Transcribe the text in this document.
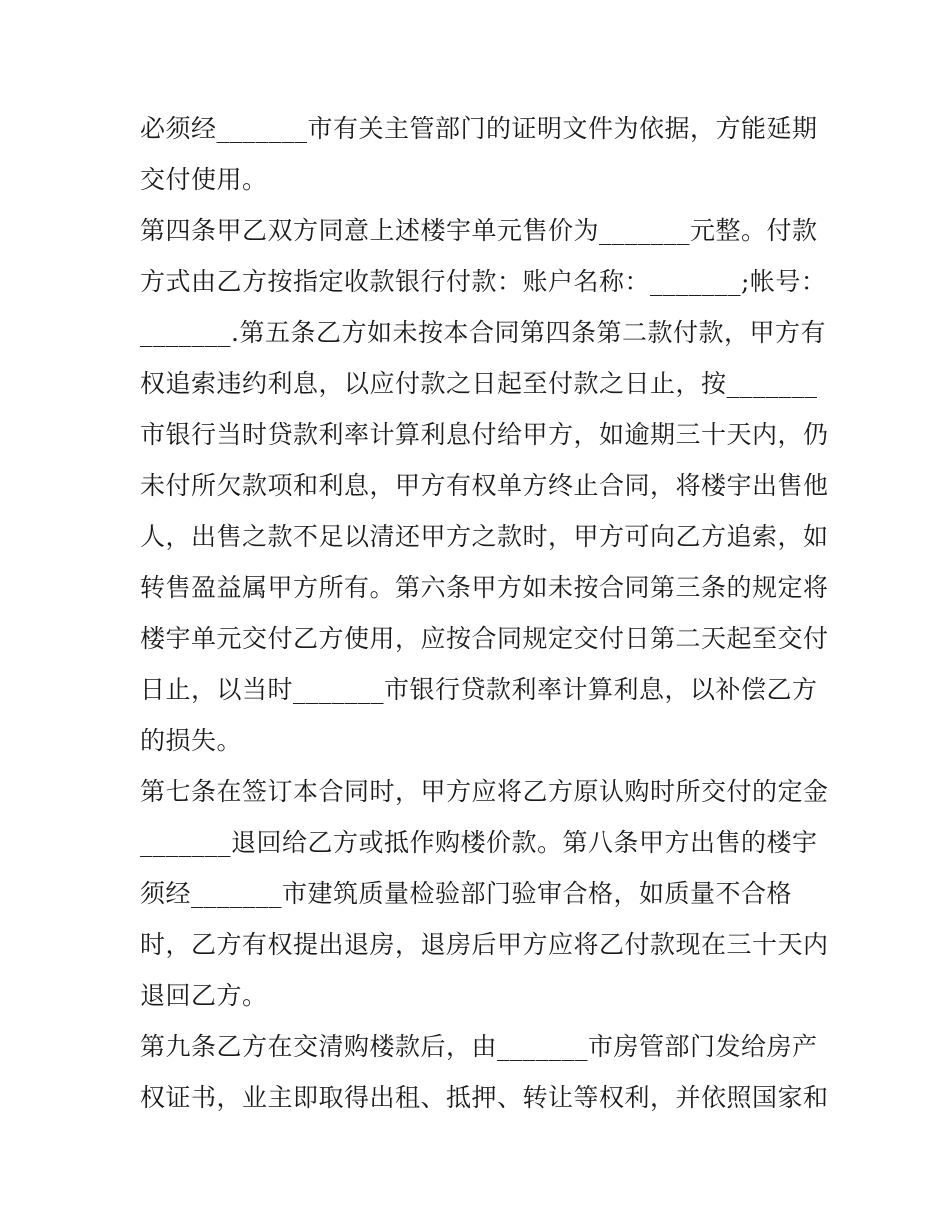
必须经_______市有关主管部门的证明文件为依据，方能延期
交付使用。
第四条甲乙双方同意上述楼宇单元售价为_______元整。付款
方式由乙方按指定收款银行付款：账户名称：_______;帐号：
_______.第五条乙方如未按本合同第四条第二款付款，甲方有
权追索违约利息，以应付款之日起至付款之日止，按_______
市银行当时贷款利率计算利息付给甲方，如逾期三十天内，仍
未付所欠款项和利息，甲方有权单方终止合同，将楼宇出售他
人，出售之款不足以清还甲方之款时，甲方可向乙方追索，如
转售盈益属甲方所有。第六条甲方如未按合同第三条的规定将
楼宇单元交付乙方使用，应按合同规定交付日第二天起至交付
日止，以当时_______市银行贷款利率计算利息，以补偿乙方
的损失。
第七条在签订本合同时，甲方应将乙方原认购时所交付的定金
_______退回给乙方或抵作购楼价款。第八条甲方出售的楼宇
须经_______市建筑质量检验部门验审合格，如质量不合格
时，乙方有权提出退房，退房后甲方应将乙付款现在三十天内
退回乙方。
第九条乙方在交清购楼款后，由_______市房管部门发给房产
权证书，业主即取得出租、抵押、转让等权利，并依照国家和
